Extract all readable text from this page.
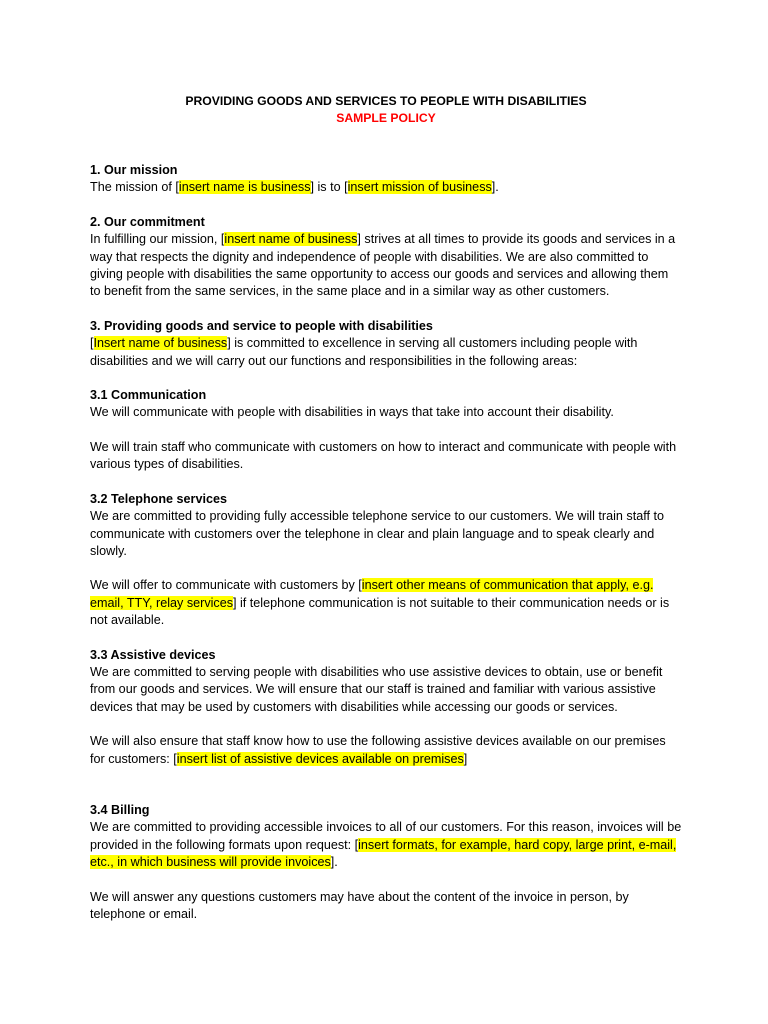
PROVIDING GOODS AND SERVICES TO PEOPLE WITH DISABILITIES

SAMPLE POLICY

1. Our mission

The mission of [insert name is business] is to [insert mission of business].

2. Our commitment

In fulfilling our mission, [insert name of business] strives at all times to provide its goods and services in a way that respects the dignity and independence of people with disabilities. We are also committed to giving people with disabilities the same opportunity to access our goods and services and allowing them to benefit from the same services, in the same place and in a similar way as other customers.

3. Providing goods and service to people with disabilities

[Insert name of business] is committed to excellence in serving all customers including people with disabilities and we will carry out our functions and responsibilities in the following areas:

3.1 Communication

We will communicate with people with disabilities in ways that take into account their disability.

We will train staff who communicate with customers on how to interact and communicate with people with various types of disabilities.

3.2 Telephone services

We are committed to providing fully accessible telephone service to our customers. We will train staff to communicate with customers over the telephone in clear and plain language and to speak clearly and slowly.

We will offer to communicate with customers by [insert other means of communication that apply, e.g. email, TTY, relay services] if telephone communication is not suitable to their communication needs or is not available.

3.3 Assistive devices

We are committed to serving people with disabilities who use assistive devices to obtain, use or benefit from our goods and services. We will ensure that our staff is trained and familiar with various assistive devices that may be used by customers with disabilities while accessing our goods or services.

We will also ensure that staff know how to use the following assistive devices available on our premises for customers: [insert list of assistive devices available on premises]

3.4 Billing

We are committed to providing accessible invoices to all of our customers. For this reason, invoices will be provided in the following formats upon request: [insert formats, for example, hard copy, large print, e-mail, etc., in which business will provide invoices].

We will answer any questions customers may have about the content of the invoice in person, by telephone or email.
